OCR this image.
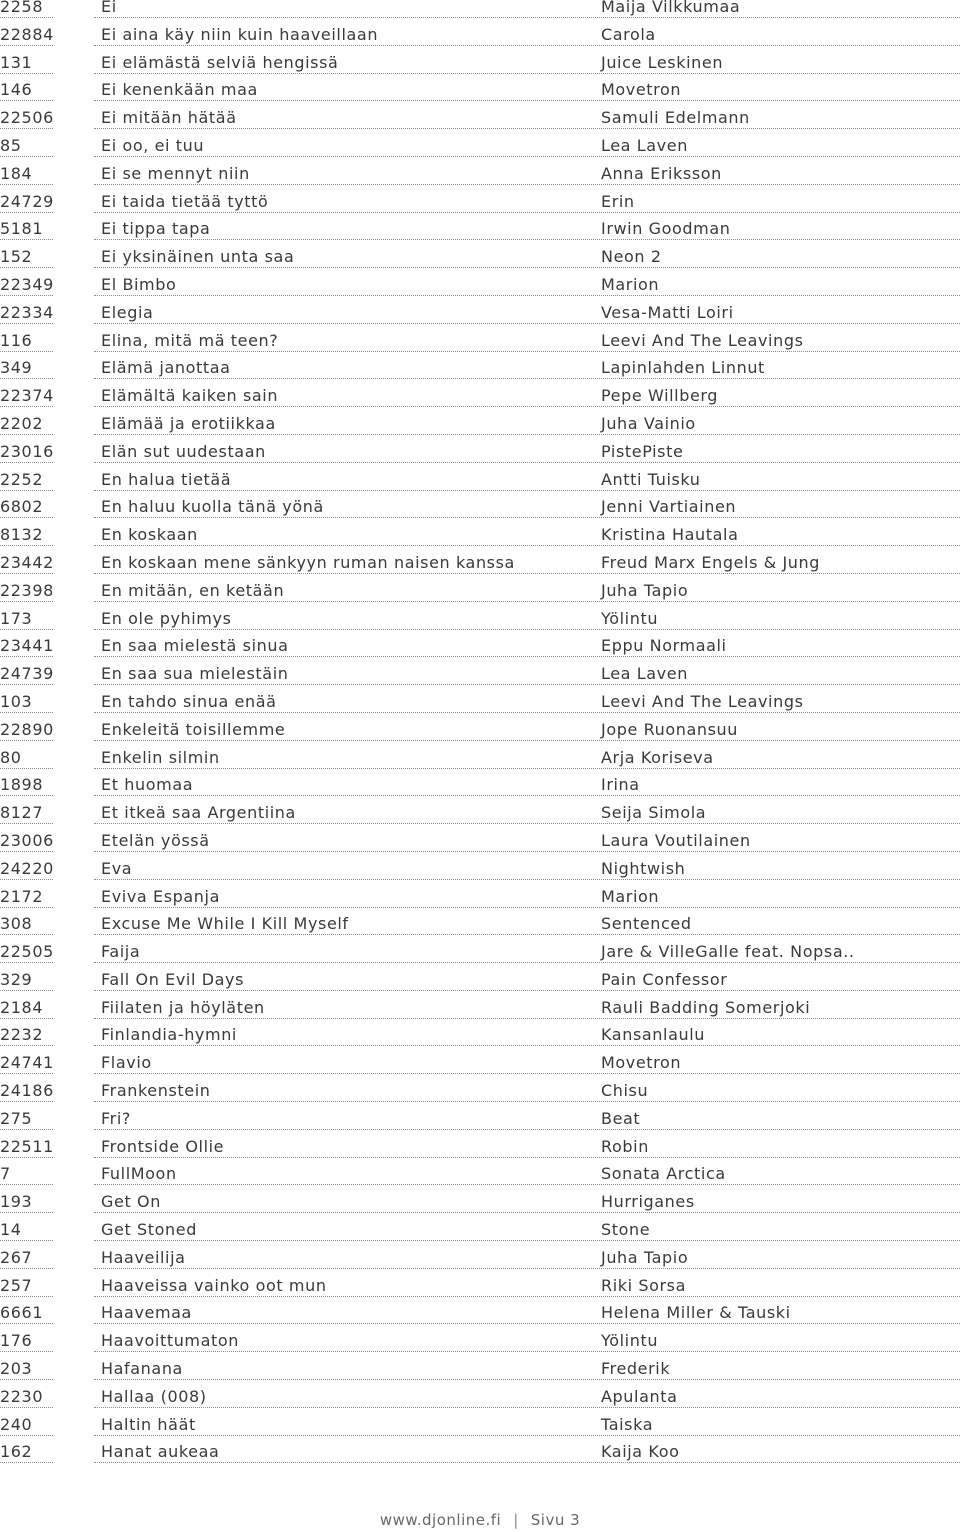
2258	Ei	Maija Vilkkumaa
22884	Ei aina käy niin kuin haaveillaan	Carola
131	Ei elämästä selviä hengissä	Juice Leskinen
146	Ei kenenkään maa	Movetron
22506	Ei mitään hätää	Samuli Edelmann
85	Ei oo, ei tuu	Lea Laven
184	Ei se mennyt niin	Anna Eriksson
24729	Ei taida tietää tyttö	Erin
5181	Ei tippa tapa	Irwin Goodman
152	Ei yksinäinen unta saa	Neon 2
22349	El Bimbo	Marion
22334	Elegia	Vesa-Matti Loiri
116	Elina, mitä mä teen?	Leevi And The Leavings
349	Elämä janottaa	Lapinlahden Linnut
22374	Elämältä kaiken sain	Pepe Willberg
2202	Elämää ja erotiikkaa	Juha Vainio
23016	Elän sut uudestaan	PistePiste
2252	En halua tietää	Antti Tuisku
6802	En haluu kuolla tänä yönä	Jenni Vartiainen
8132	En koskaan	Kristina Hautala
23442	En koskaan mene sänkyyn ruman naisen kanssa	Freud Marx Engels & Jung
22398	En mitään, en ketään	Juha Tapio
173	En ole pyhimys	Yölintu
23441	En saa mielestä sinua	Eppu Normaali
24739	En saa sua mielestäin	Lea Laven
103	En tahdo sinua enää	Leevi And The Leavings
22890	Enkeleitä toisillemme	Jope Ruonansuu
80	Enkelin silmin	Arja Koriseva
1898	Et huomaa	Irina
8127	Et itkeä saa Argentiina	Seija Simola
23006	Etelän yössä	Laura Voutilainen
24220	Eva	Nightwish
2172	Eviva Espanja	Marion
308	Excuse Me While I Kill Myself	Sentenced
22505	Faija	Jare & VilleGalle feat. Nopsa..
329	Fall On Evil Days	Pain Confessor
2184	Fiilaten ja höyläten	Rauli Badding Somerjoki
2232	Finlandia-hymni	Kansanlaulu
24741	Flavio	Movetron
24186	Frankenstein	Chisu
275	Fri?	Beat
22511	Frontside Ollie	Robin
7	FullMoon	Sonata Arctica
193	Get On	Hurriganes
14	Get Stoned	Stone
267	Haaveilija	Juha Tapio
257	Haaveissa vainko oot mun	Riki Sorsa
6661	Haavemaa	Helena Miller & Tauski
176	Haavoittumaton	Yölintu
203	Hafanana	Frederik
2230	Hallaa (008)	Apulanta
240	Haltin häät	Taiska
162	Hanat aukeaa	Kaija Koo
www.djonline.fi | Sivu 3
